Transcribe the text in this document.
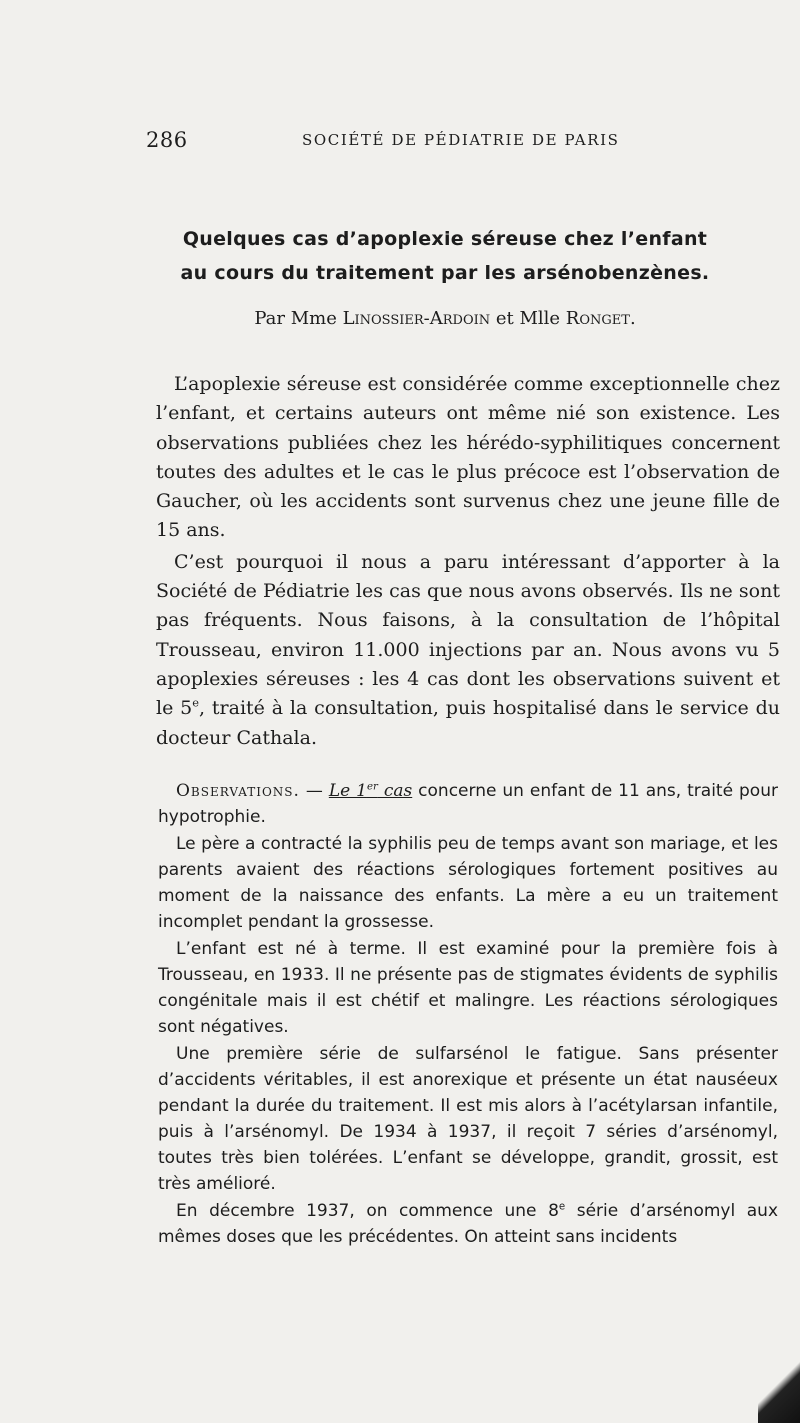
286	SOCIÉTÉ DE PÉDIATRIE DE PARIS
Quelques cas d’apoplexie séreuse chez l’enfant
au cours du traitement par les arsénobenzènes.
Par Mme Linossier-Ardoin et Mlle Ronget.

L’apoplexie séreuse est considérée comme exceptionnelle chez l’enfant, et certains auteurs ont même nié son existence. Les observations publiées chez les hérédo-syphilitiques concernent toutes des adultes et le cas le plus précoce est l’observation de Gaucher, où les accidents sont survenus chez une jeune fille de 15 ans.

C’est pourquoi il nous a paru intéressant d’apporter à la Société de Pédiatrie les cas que nous avons observés. Ils ne sont pas fréquents. Nous faisons, à la consultation de l’hôpital Trousseau, environ 11.000 injections par an. Nous avons vu 5 apoplexies séreuses : les 4 cas dont les observations suivent et le 5e, traité à la consultation, puis hospitalisé dans le service du docteur Cathala.

Observations. — Le 1er cas concerne un enfant de 11 ans, traité pour hypotrophie.

Le père a contracté la syphilis peu de temps avant son mariage, et les parents avaient des réactions sérologiques fortement positives au moment de la naissance des enfants. La mère a eu un traitement incomplet pendant la grossesse.

L’enfant est né à terme. Il est examiné pour la première fois à Trousseau, en 1933. Il ne présente pas de stigmates évidents de syphilis congénitale mais il est chétif et malingre. Les réactions sérologiques sont négatives.

Une première série de sulfarsénol le fatigue. Sans présenter d’accidents véritables, il est anorexique et présente un état nauséeux pendant la durée du traitement. Il est mis alors à l’acétylarsan infantile, puis à l’arsénomyl. De 1934 à 1937, il reçoit 7 séries d’arsénomyl, toutes très bien tolérées. L’enfant se développe, grandit, grossit, est très amélioré.

En décembre 1937, on commence une 8e série d’arsénomyl aux mêmes doses que les précédentes. On atteint sans incidents
